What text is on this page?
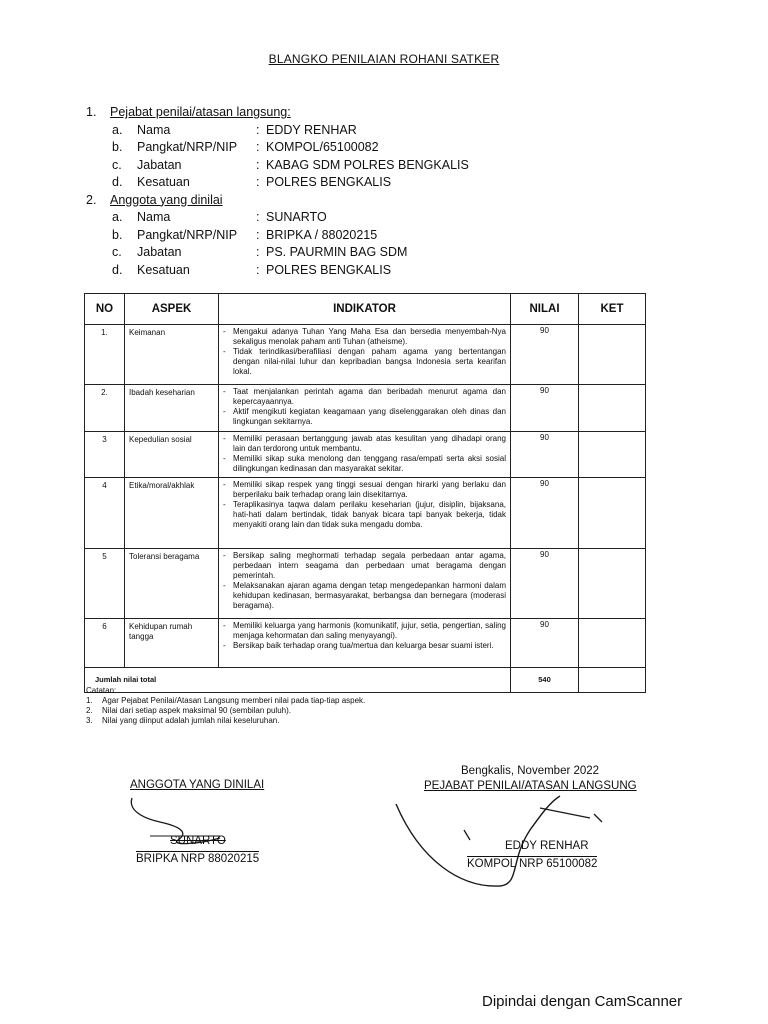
BLANGKO PENILAIAN ROHANI SATKER
1. Pejabat penilai/atasan langsung:
a. Nama	: EDDY RENHAR
b. Pangkat/NRP/NIP : KOMPOL/65100082
c. Jabatan	: KABAG SDM POLRES BENGKALIS
d. Kesatuan	: POLRES BENGKALIS
2. Anggota yang dinilai
a. Nama	: SUNARTO
b. Pangkat/NRP/NIP : BRIPKA / 88020215
c. Jabatan	: PS. PAURMIN BAG SDM
d. Kesatuan	: POLRES BENGKALIS
NO	ASPEK	INDIKATOR	NILAI	KET
1.	Keimanan	- Mengakui adanya Tuhan Yang Maha Esa dan bersedia menyembah-Nya sekaligus menolak paham anti Tuhan (atheisme).
- Tidak terindikasi/berafiliasi dengan paham agama yang bertentangan dengan nilai-nilai luhur dan kepribadian bangsa Indonesia serta kearifan lokal.	90	
2.	Ibadah keseharian	- Taat menjalankan perintah agama dan beribadah menurut agama dan kepercayaannya.
- Aktif mengikuti kegiatan keagamaan yang diselenggarakan oleh dinas dan lingkungan sekitarnya.	90	
3	Kepedulian sosial	- Memiliki perasaan bertanggung jawab atas kesulitan yang dihadapi orang lain dan terdorong untuk membantu.
- Memiliki sikap suka menolong dan tenggang rasa/empati serta aksi sosial dilingkungan kedinasan dan masyarakat sekitar.	90	
4	Etika/moral/akhlak	- Memiliki sikap respek yang tinggi sesuai dengan hirarki yang berlaku dan berperilaku baik terhadap orang lain disekitarnya.
- Teraplikasinya taqwa dalam perilaku keseharian (jujur, disiplin, bijaksana, hati-hati dalam bertindak, tidak banyak bicara tapi banyak bekerja, tidak menyakiti orang lain dan tidak suka mengadu domba.	90	
5	Toleransi beragama	- Bersikap saling meghormati terhadap segala perbedaan antar agama, perbedaan intern seagama dan perbedaan umat beragama dengan pemerintah.
- Melaksanakan ajaran agama dengan tetap mengedepankan harmoni dalam kehidupan kedinasan, bermasyarakat, berbangsa dan bernegara (moderasi beragama).	90	
6	Kehidupan rumah tangga	- Memiliki keluarga yang harmonis (komunikatif, jujur, setia, pengertian, saling menjaga kehormatan dan saling menyayangi).
- Bersikap baik terhadap orang tua/mertua dan keluarga besar suami isteri.	90	
Jumlah nilai total			540	
Catatan:
1. Agar Pejabat Penilai/Atasan Langsung memberi nilai pada tiap-tiap aspek.
2. Nilai dari setiap aspek maksimal 90 (sembilan puluh).
3. Nilai yang diinput adalah jumlah nilai keseluruhan.
ANGGOTA YANG DINILAI
SUNARTO
BRIPKA NRP 88020215
Bengkalis, November 2022
PEJABAT PENILAI/ATASAN LANGSUNG
EDDY RENHAR
KOMPOL NRP 65100082
Dipindai dengan CamScanner
